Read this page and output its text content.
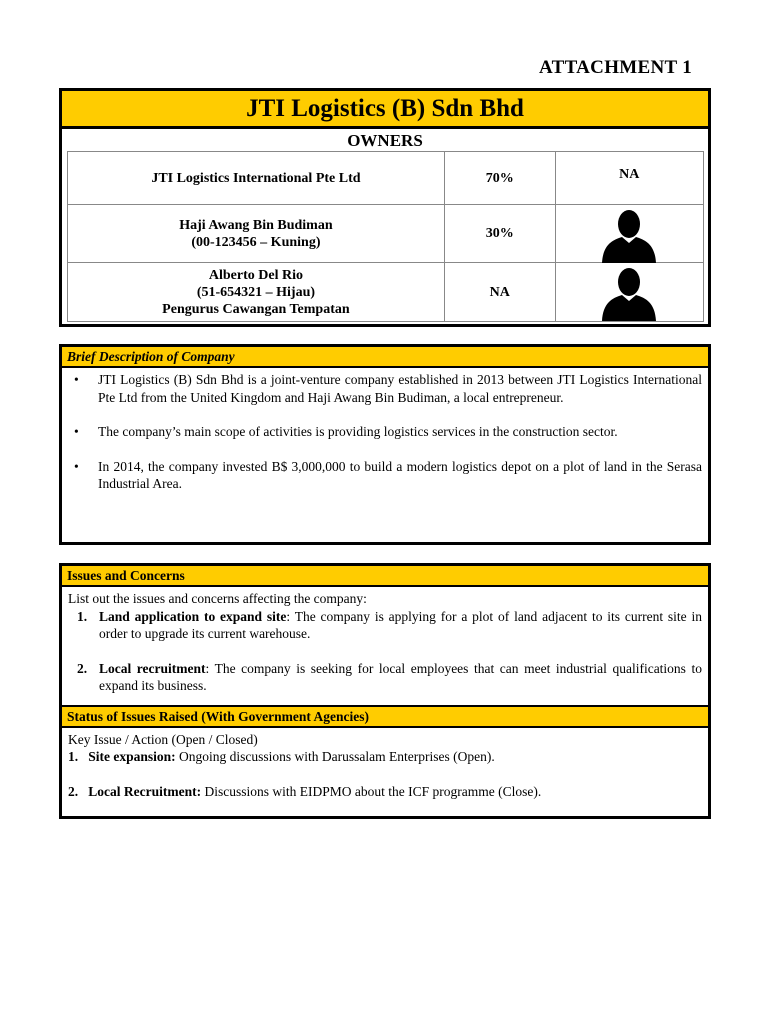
ATTACHMENT 1
JTI Logistics (B) Sdn Bhd
OWNERS
JTI Logistics International Pte Ltd	70%	NA

Haji Awang Bin Budiman
(00-123456 – Kuning)	30%	

Alberto Del Rio
(51-654321 – Hijau)
Pengurus Cawangan Tempatan	NA	
Brief Description of Company
• JTI Logistics (B) Sdn Bhd is a joint-venture company established in 2013 between JTI Logistics International Pte Ltd from the United Kingdom and Haji Awang Bin Budiman, a local entrepreneur.
• The company’s main scope of activities is providing logistics services in the construction sector.
• In 2014, the company invested B$ 3,000,000 to build a modern logistics depot on a plot of land in the Serasa Industrial Area.
Issues and Concerns
List out the issues and concerns affecting the company:
1. Land application to expand site: The company is applying for a plot of land adjacent to its current site in order to upgrade its current warehouse.
2. Local recruitment: The company is seeking for local employees that can meet industrial qualifications to expand its business.
Status of Issues Raised (With Government Agencies)
Key Issue / Action (Open / Closed)
1. Site expansion: Ongoing discussions with Darussalam Enterprises (Open).
2. Local Recruitment: Discussions with EIDPMO about the ICF programme (Close).
